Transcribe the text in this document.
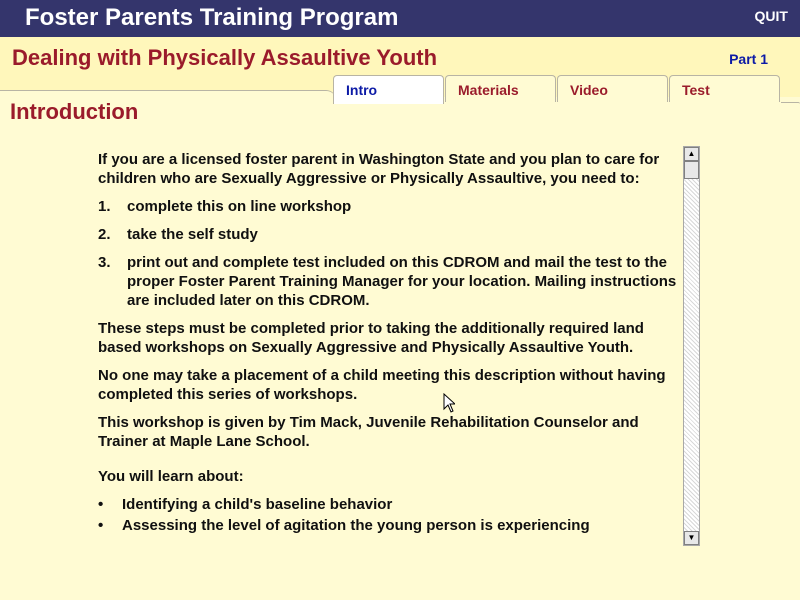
Foster Parents Training Program	QUIT
Dealing with Physically Assaultive Youth	Part 1
Intro	Materials	Video	Test
Introduction

If you are a licensed foster parent in Washington State and you plan to care for children who are Sexually Aggressive or Physically Assaultive, you need to:

1.	complete this on line workshop
2.	take the self study
3.	print out and complete test included on this CDROM and mail the test to the proper Foster Parent Training Manager for your location. Mailing instructions are included later on this CDROM.

These steps must be completed prior to taking the additionally required land based workshops on Sexually Aggressive and Physically Assaultive Youth.

No one may take a placement of a child meeting this description without having completed this series of workshops.

This workshop is given by Tim Mack, Juvenile Rehabilitation Counselor and Trainer at Maple Lane School.

You will learn about:

•	Identifying a child's baseline behavior
•	Assessing the level of agitation the young person is experiencing
▲
▼
